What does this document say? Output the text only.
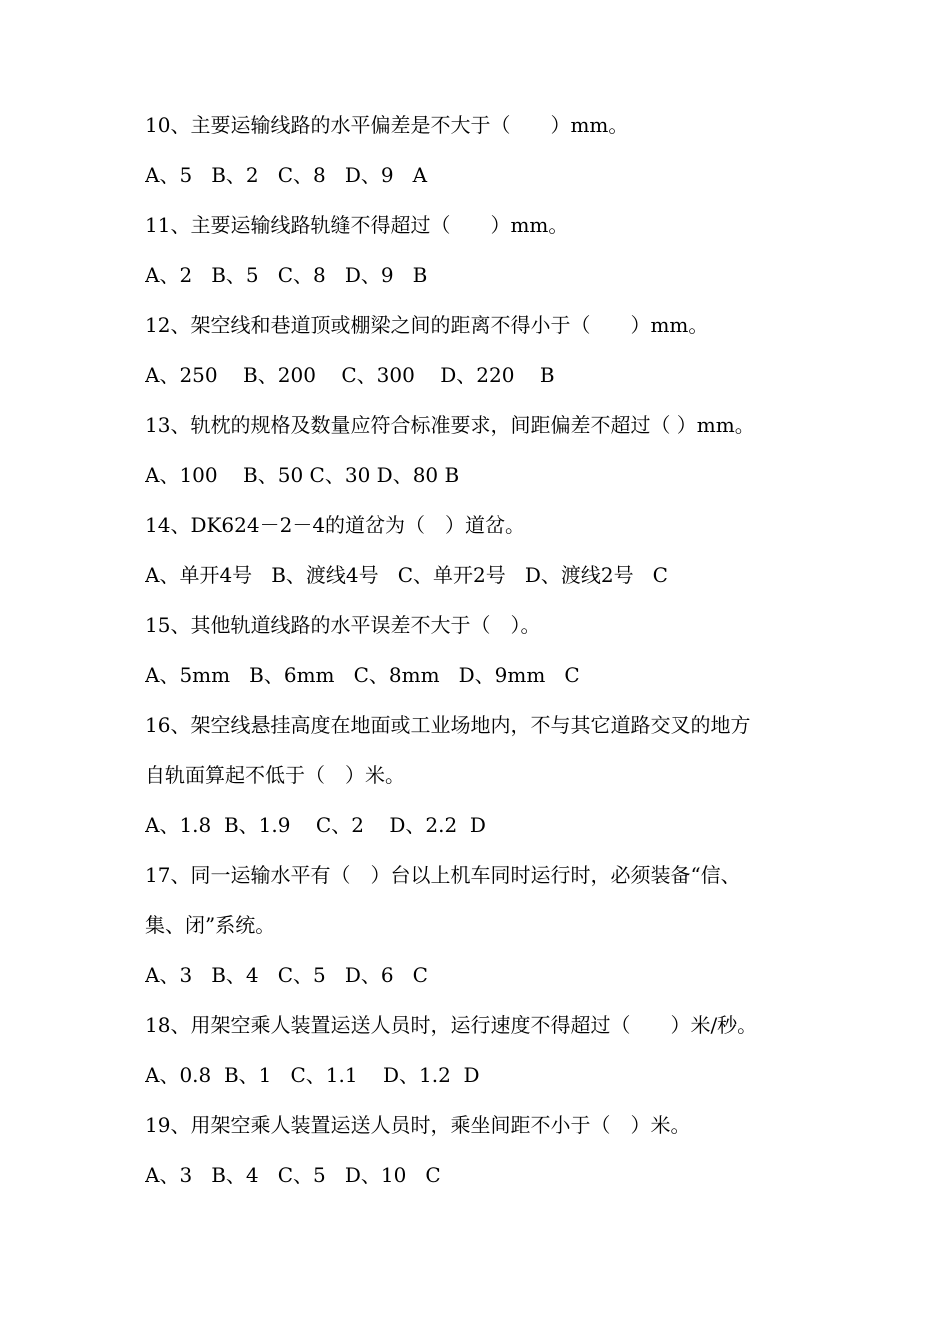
10、主要运输线路的水平偏差是不大于（　　）mm。
A、5   B、2   C、8   D、9   A
11、主要运输线路轨缝不得超过（　　）mm。
A、2   B、5   C、8   D、9   B
12、架空线和巷道顶或棚梁之间的距离不得小于（　　）mm。
A、250    B、200    C、300    D、220    B
13、轨枕的规格及数量应符合标准要求，间距偏差不超过（ ）mm。
A、100    B、50 C、30 D、80 B
14、DK624－2－4的道岔为（　）道岔。
A、单开4号   B、渡线4号   C、单开2号   D、渡线2号   C
15、其他轨道线路的水平误差不大于（　）。
A、5mm   B、6mm   C、8mm   D、9mm   C
16、架空线悬挂高度在地面或工业场地内，不与其它道路交叉的地方
自轨面算起不低于（　）米。
A、1.8  B、1.9    C、2    D、2.2  D
17、同一运输水平有（　）台以上机车同时运行时，必须装备“信、
集、闭”系统。
A、3   B、4   C、5   D、6   C
18、用架空乘人装置运送人员时，运行速度不得超过（　　）米/秒。
A、0.8  B、1   C、1.1    D、1.2  D
19、用架空乘人装置运送人员时，乘坐间距不小于（　）米。
A、3   B、4   C、5   D、10   C
